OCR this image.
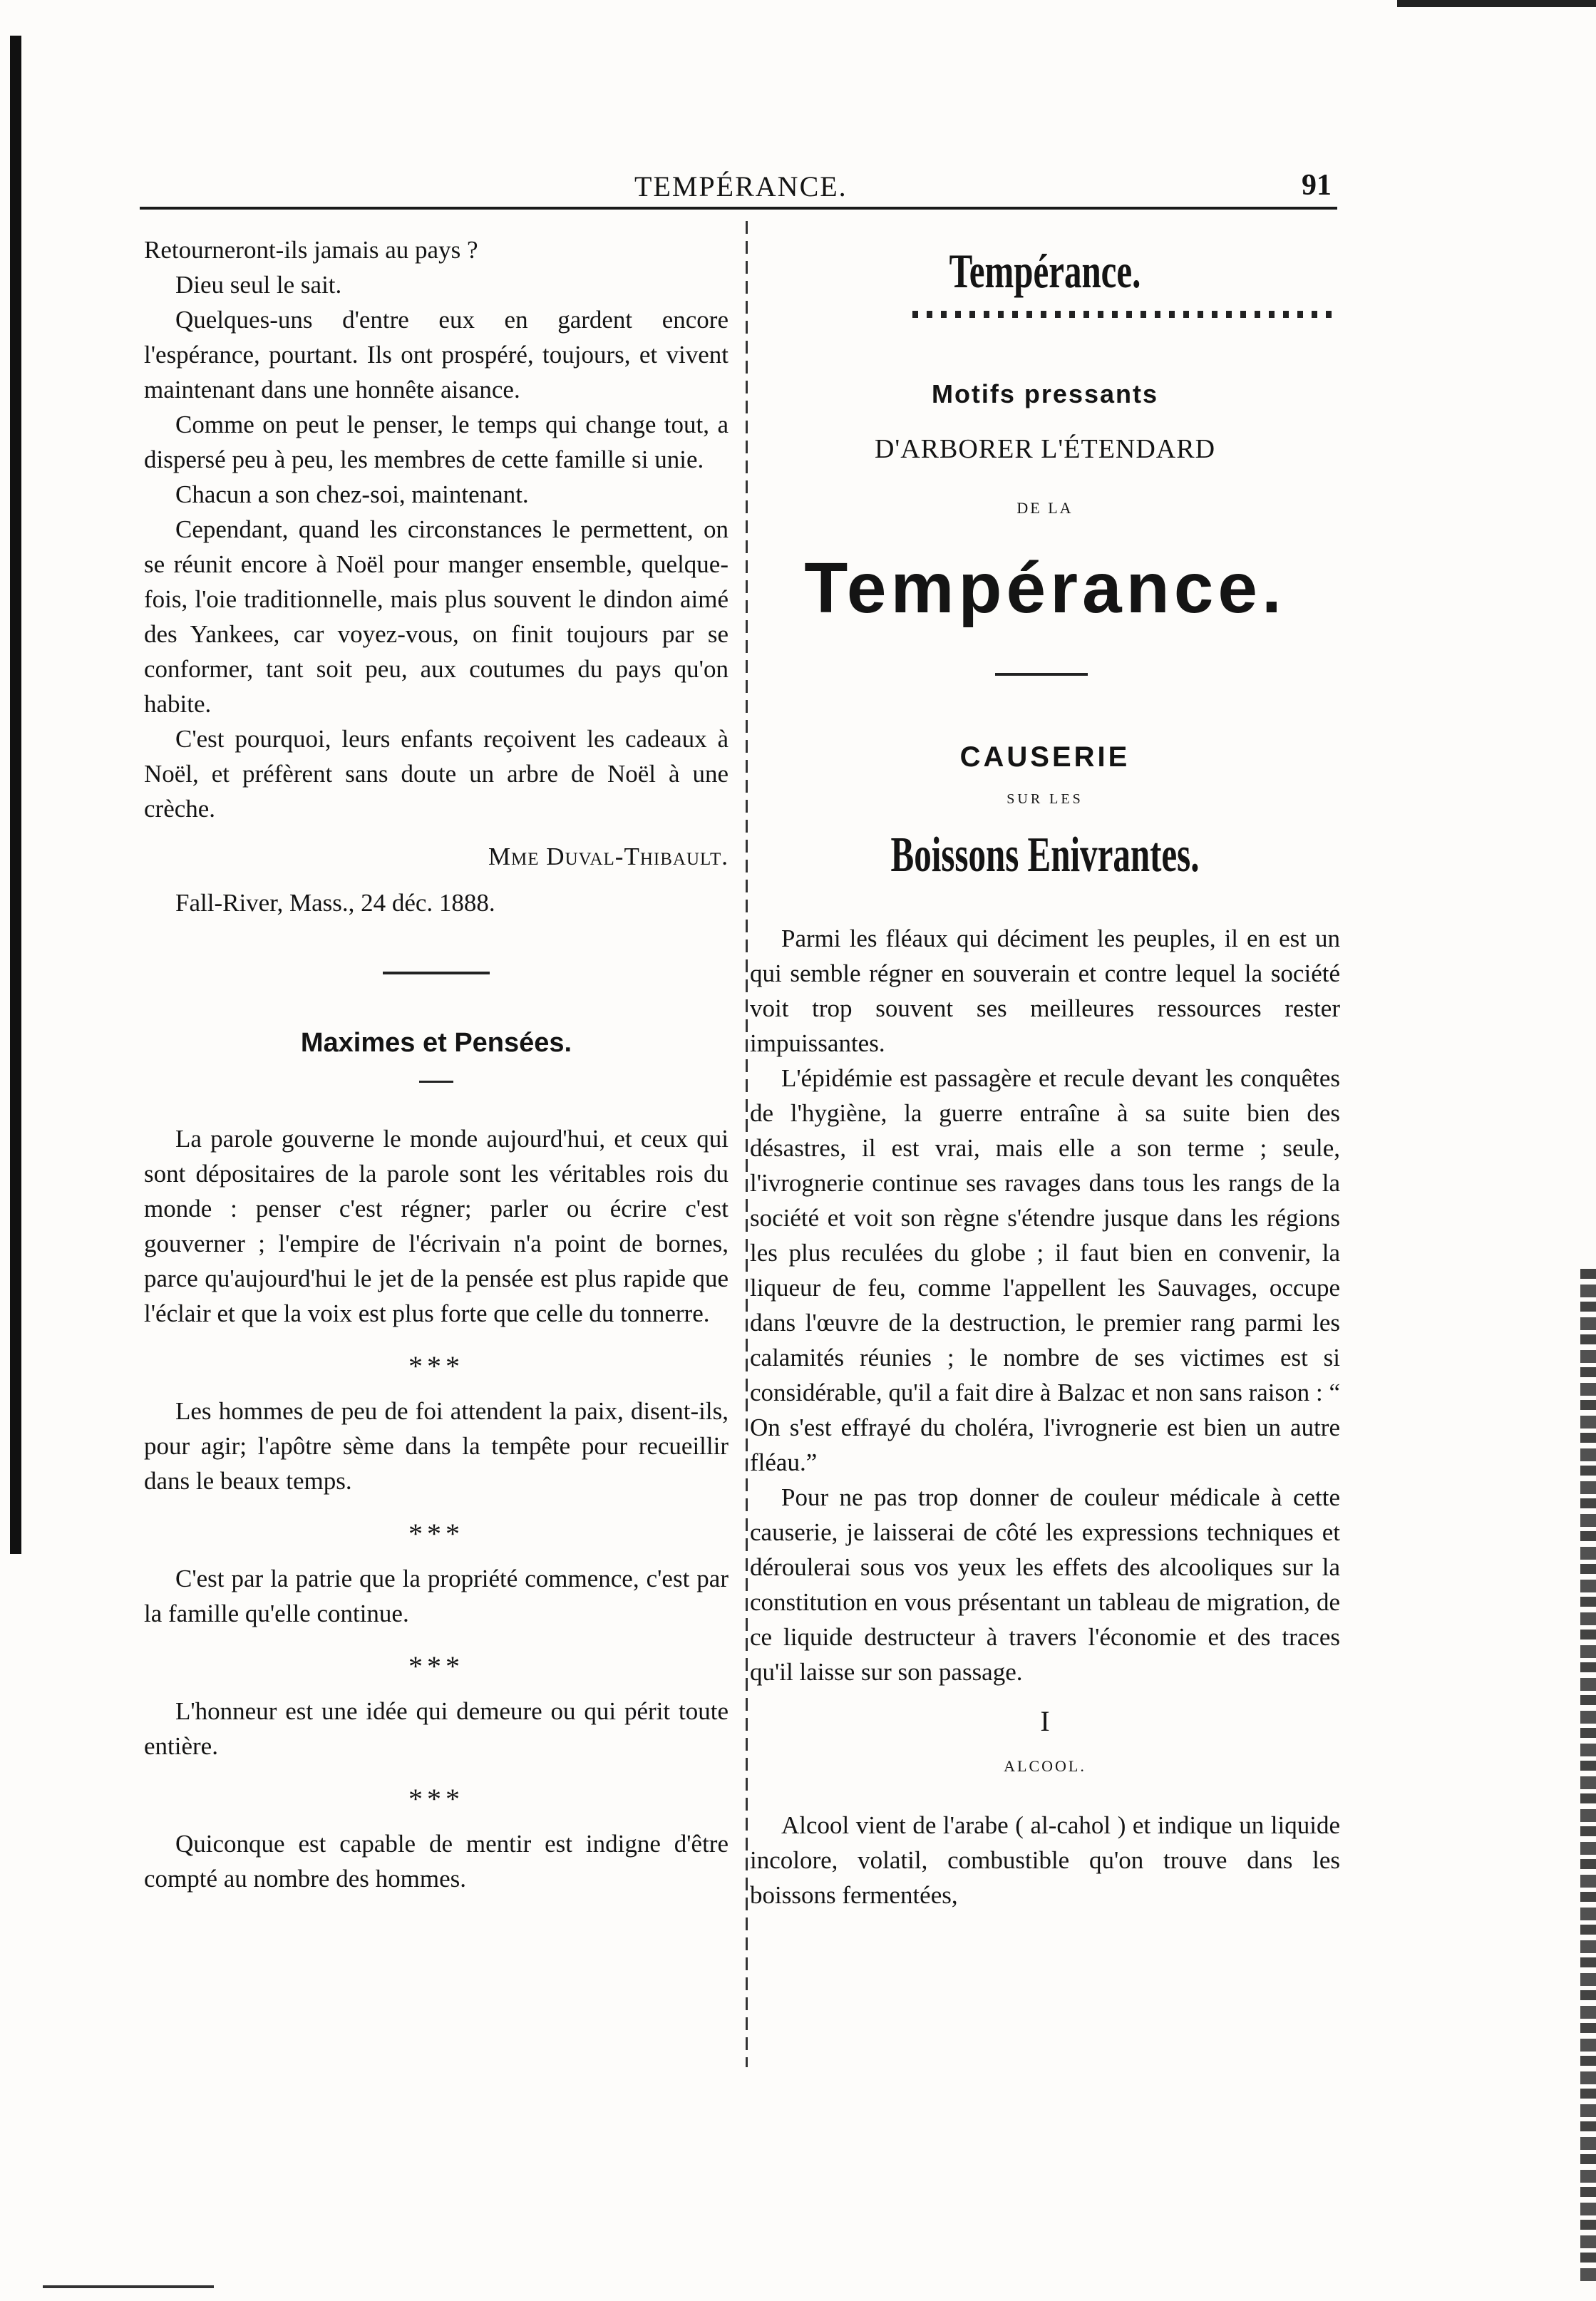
TEMPÉRANCE.	91

Retourneront-ils jamais au pays ?

Dieu seul le sait.

Quelques-uns d'entre eux en gardent encore l'espérance, pourtant. Ils ont prospéré, toujours, et vivent maintenant dans une honnête aisance.

Comme on peut le penser, le temps qui change tout, a dispersé peu à peu, les membres de cette famille si unie.

Chacun a son chez-soi, maintenant.

Cependant, quand les circonstances le permettent, on se réunit encore à Noël pour manger ensemble, quelque-fois, l'oie traditionnelle, mais plus souvent le dindon aimé des Yankees, car voyez-vous, on finit toujours par se conformer, tant soit peu, aux coutumes du pays qu'on habite.

C'est pourquoi, leurs enfants reçoivent les cadeaux à Noël, et préfèrent sans doute un arbre de Noël à une crèche.

Mme Duval-Thibault.
Fall-River, Mass., 24 déc. 1888.
Maximes et Pensées.

La parole gouverne le monde aujourd'hui, et ceux qui sont dépositaires de la parole sont les véritables rois du monde : penser c'est régner; parler ou écrire c'est gouverner ; l'empire de l'écrivain n'a point de bornes, parce qu'aujourd'hui le jet de la pensée est plus rapide que l'éclair et que la voix est plus forte que celle du tonnerre.

***

Les hommes de peu de foi attendent la paix, disent-ils, pour agir; l'apôtre sème dans la tempête pour recueillir dans le beaux temps.

***

C'est par la patrie que la propriété commence, c'est par la famille qu'elle continue.

***

L'honneur est une idée qui demeure ou qui périt toute entière.

***

Quiconque est capable de mentir est indigne d'être compté au nombre des hommes.

Tempérance.
Motifs pressants
D'ARBORER L'ÉTENDARD
DE LA
Tempérance.
CAUSERIE
SUR LES
Boissons Enivrantes.

Parmi les fléaux qui déciment les peuples, il en est un qui semble régner en souverain et contre lequel la société voit trop souvent ses meilleures ressources rester impuissantes.

L'épidémie est passagère et recule devant les conquêtes de l'hygiène, la guerre entraîne à sa suite bien des désastres, il est vrai, mais elle a son terme ; seule, l'ivrognerie continue ses ravages dans tous les rangs de la société et voit son règne s'étendre jusque dans les régions les plus reculées du globe ; il faut bien en convenir, la liqueur de feu, comme l'appellent les Sauvages, occupe dans l'œuvre de la destruction, le premier rang parmi les calamités réunies ; le nombre de ses victimes est si considérable, qu'il a fait dire à Balzac et non sans raison : “ On s'est effrayé du choléra, l'ivrognerie est bien un autre fléau.”

Pour ne pas trop donner de couleur médicale à cette causerie, je laisserai de côté les expressions techniques et déroulerai sous vos yeux les effets des alcooliques sur la constitution en vous présentant un tableau de migration, de ce liquide destructeur à travers l'économie et des traces qu'il laisse sur son passage.

I
ALCOOL.

Alcool vient de l'arabe ( al-cahol ) et indique un liquide incolore, volatil, combustible qu'on trouve dans les boissons fermentées,
